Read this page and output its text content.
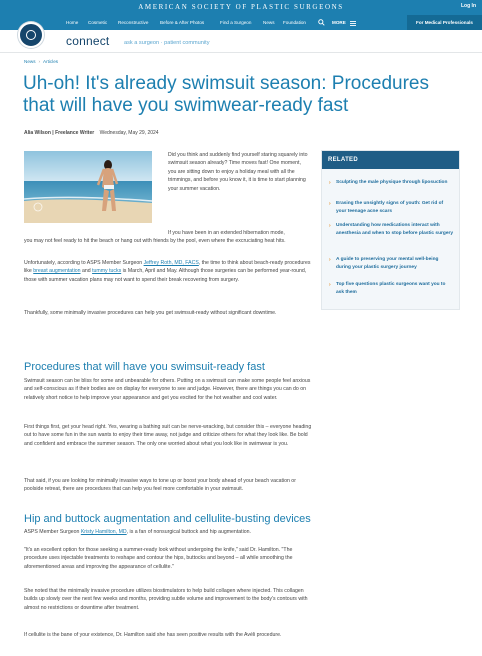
AMERICAN SOCIETY OF PLASTIC SURGEONS	Log In
Home Cosmetic Reconstructive	Before & After Photos	Find a Surgeon	News Foundation	MORE	For Medical Professionals
connect	ask a surgeon · patient community
News › Articles
Uh-oh! It's already swimsuit season: Procedures that will have you swimwear-ready fast
Alia Wilson | Freelance Writer Wednesday, May 29, 2024
Did you think and suddenly find yourself staring squarely into swimsuit season already? Time moves fast! One moment, you are sitting down to enjoy a holiday meal with all the trimmings, and before you know it, it is time to start planning your summer vacation.
If you have been in an extended hibernation mode,
you may not feel ready to hit the beach or hang out with friends by the pool, even where the excruciating heat hits.
Unfortunately, according to ASPS Member Surgeon Jeffrey Roth, MD, FACS, the time to think about beach-ready procedures like breast augmentation and tummy tucks is March, April and May. Although those surgeries can be performed year-round, those with summer vacation plans may not want to spend their break recovering from surgery.
Thankfully, some minimally invasive procedures can help you get swimsuit-ready without significant downtime.
Procedures that will have you swimsuit-ready fast
Swimsuit season can be bliss for some and unbearable for others. Putting on a swimsuit can make some people feel anxious and self-conscious as if their bodies are on display for everyone to see and judge. However, there are things you can do on relatively short notice to help improve your appearance and get you excited for the hot weather and cool water.
First things first, get your head right. Yes, wearing a bathing suit can be nerve-wracking, but consider this – everyone heading out to have some fun in the sun wants to enjoy their time away, not judge and criticize others for what they look like. Be bold and confident and embrace the summer season. The only one worried about what you look like in swimwear is you.
That said, if you are looking for minimally invasive ways to tone up or boost your body ahead of your beach vacation or poolside retreat, there are procedures that can help you feel more comfortable in your swimsuit.
Hip and buttock augmentation and cellulite-busting devices
ASPS Member Surgeon Kristy Hamilton, MD, is a fan of nonsurgical buttock and hip augmentation.
"It's an excellent option for those seeking a summer-ready look without undergoing the knife," said Dr. Hamilton. "The procedure uses injectable treatments to reshape and contour the hips, buttocks and beyond – all while smoothing the aforementioned areas and improving the appearance of cellulite."
She noted that the minimally invasive procedure utilizes biostimulators to help build collagen where injected. This collagen builds up slowly over the next few weeks and months, providing subtle volume and improvement to the body's contours with almost no restrictions or downtime after treatment.
If cellulite is the bane of your existence, Dr. Hamilton said she has seen positive results with the Avéli procedure.
RELATED
› Sculpting the male physique through liposuction
› Erasing the unsightly signs of youth: Get rid of your teenage acne scars
› Understanding how medications interact with anesthesia and when to stop before plastic surgery
› A guide to preserving your mental well-being during your plastic surgery journey
› Top five questions plastic surgeons want you to ask them
